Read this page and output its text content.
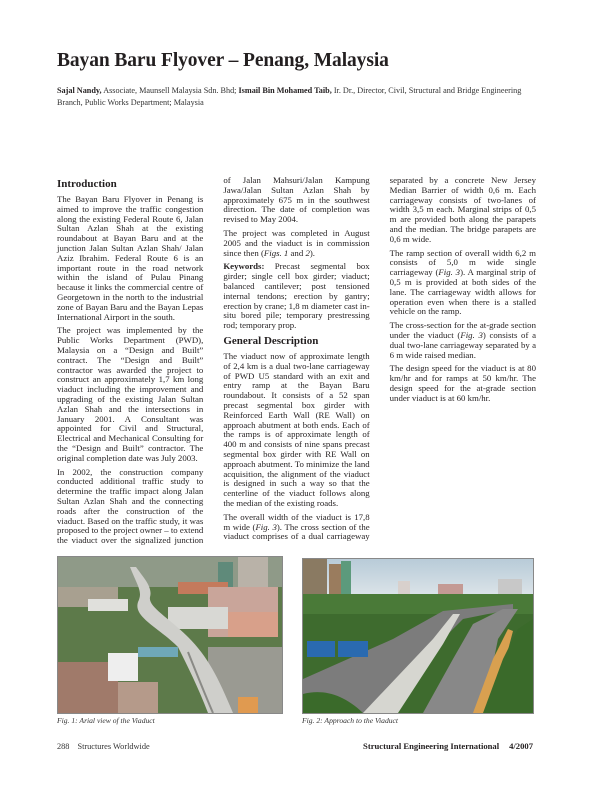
Bayan Baru Flyover – Penang, Malaysia
Sajal Nandy, Associate, Maunsell Malaysia Sdn. Bhd; Ismail Bin Mohamed Taib, Ir. Dr., Director, Civil, Structural and Bridge Engineering Branch, Public Works Department; Malaysia
Introduction

The Bayan Baru Flyover in Penang is aimed to improve the traffic congestion along the existing Federal Route 6, Jalan Sultan Azlan Shah at the existing roundabout at Bayan Baru and at the junction Jalan Sultan Azlan Shah/ Jalan Aziz Ibrahim. Federal Route 6 is an important route in the road network within the island of Pulau Pinang because it links the commercial centre of Georgetown in the north to the industrial zone of Bayan Baru and the Bayan Lepas International Airport in the south.

The project was implemented by the Public Works Department (PWD), Malaysia on a “Design and Built” contract. The “Design and Built” contractor was awarded the project to construct an approximately 1,7 km long viaduct including the improvement and upgrading of the existing Jalan Sultan Azlan Shah and the intersections in January 2001. A Consultant was appointed for Civil and Structural, Electrical and Mechanical Consulting for the “Design and Built” contractor. The original completion date was July 2003.

In 2002, the construction company conducted additional traffic study to determine the traffic impact along Jalan Sultan Azlan Shah and the connecting roads after the construction of the viaduct. Based on the traffic study, it was proposed to the project owner – to extend the viaduct over the signalized junction of Jalan Mahsuri/Jalan Kampung Jawa/Jalan Sultan Azlan Shah by approximately 675 m in the southwest direction. The date of completion was revised to May 2004.

The project was completed in August 2005 and the viaduct is in commission since then (Figs. 1 and 2).

Keywords: Precast segmental box girder; single cell box girder; viaduct; balanced cantilever; post tensioned internal tendons; erection by gantry; erection by crane; 1,8 m diameter cast in-situ bored pile; temporary prestressing rod; temporary prop.

General Description

The viaduct now of approximate length of 2,4 km is a dual two-lane carriageway of PWD U5 standard with an exit and entry ramp at the Bayan Baru roundabout. It consists of a 52 span precast segmental box girder with Reinforced Earth Wall (RE Wall) on approach abutment at both ends. Each of the ramps is of approximate length of 400 m and consists of nine spans precast segmental box girder with RE Wall on approach abutment. To minimize the land acquisition, the alignment of the viaduct is designed in such a way so that the centerline of the viaduct follows along the median of the existing roads.

The overall width of the viaduct is 17,8 m wide (Fig. 3). The cross section of the viaduct comprises of a dual carriageway separated by a concrete New Jersey Median Barrier of width 0,6 m. Each carriageway consists of two-lanes of width 3,5 m each. Marginal strips of 0,5 m are provided both along the parapets and the median. The bridge parapets are 0,6 m wide.

The ramp section of overall width 6,2 m consists of 5,0 m wide single carriageway (Fig. 3). A marginal strip of 0,5 m is provided at both sides of the lane. The carriageway width allows for operation even when there is a stalled vehicle on the ramp.

The cross-section for the at-grade section under the viaduct (Fig. 3) consists of a dual two-lane carriageway separated by a 6 m wide raised median.

The design speed for the viaduct is at 80 km/hr and for ramps at 50 km/hr. The design speed for the at-grade section under viaduct is at 60 km/hr.

Fig. 1: Arial view of the Viaduct	Fig. 2: Approach to the Viaduct
288 Structures Worldwide	Structural Engineering International 4/2007
